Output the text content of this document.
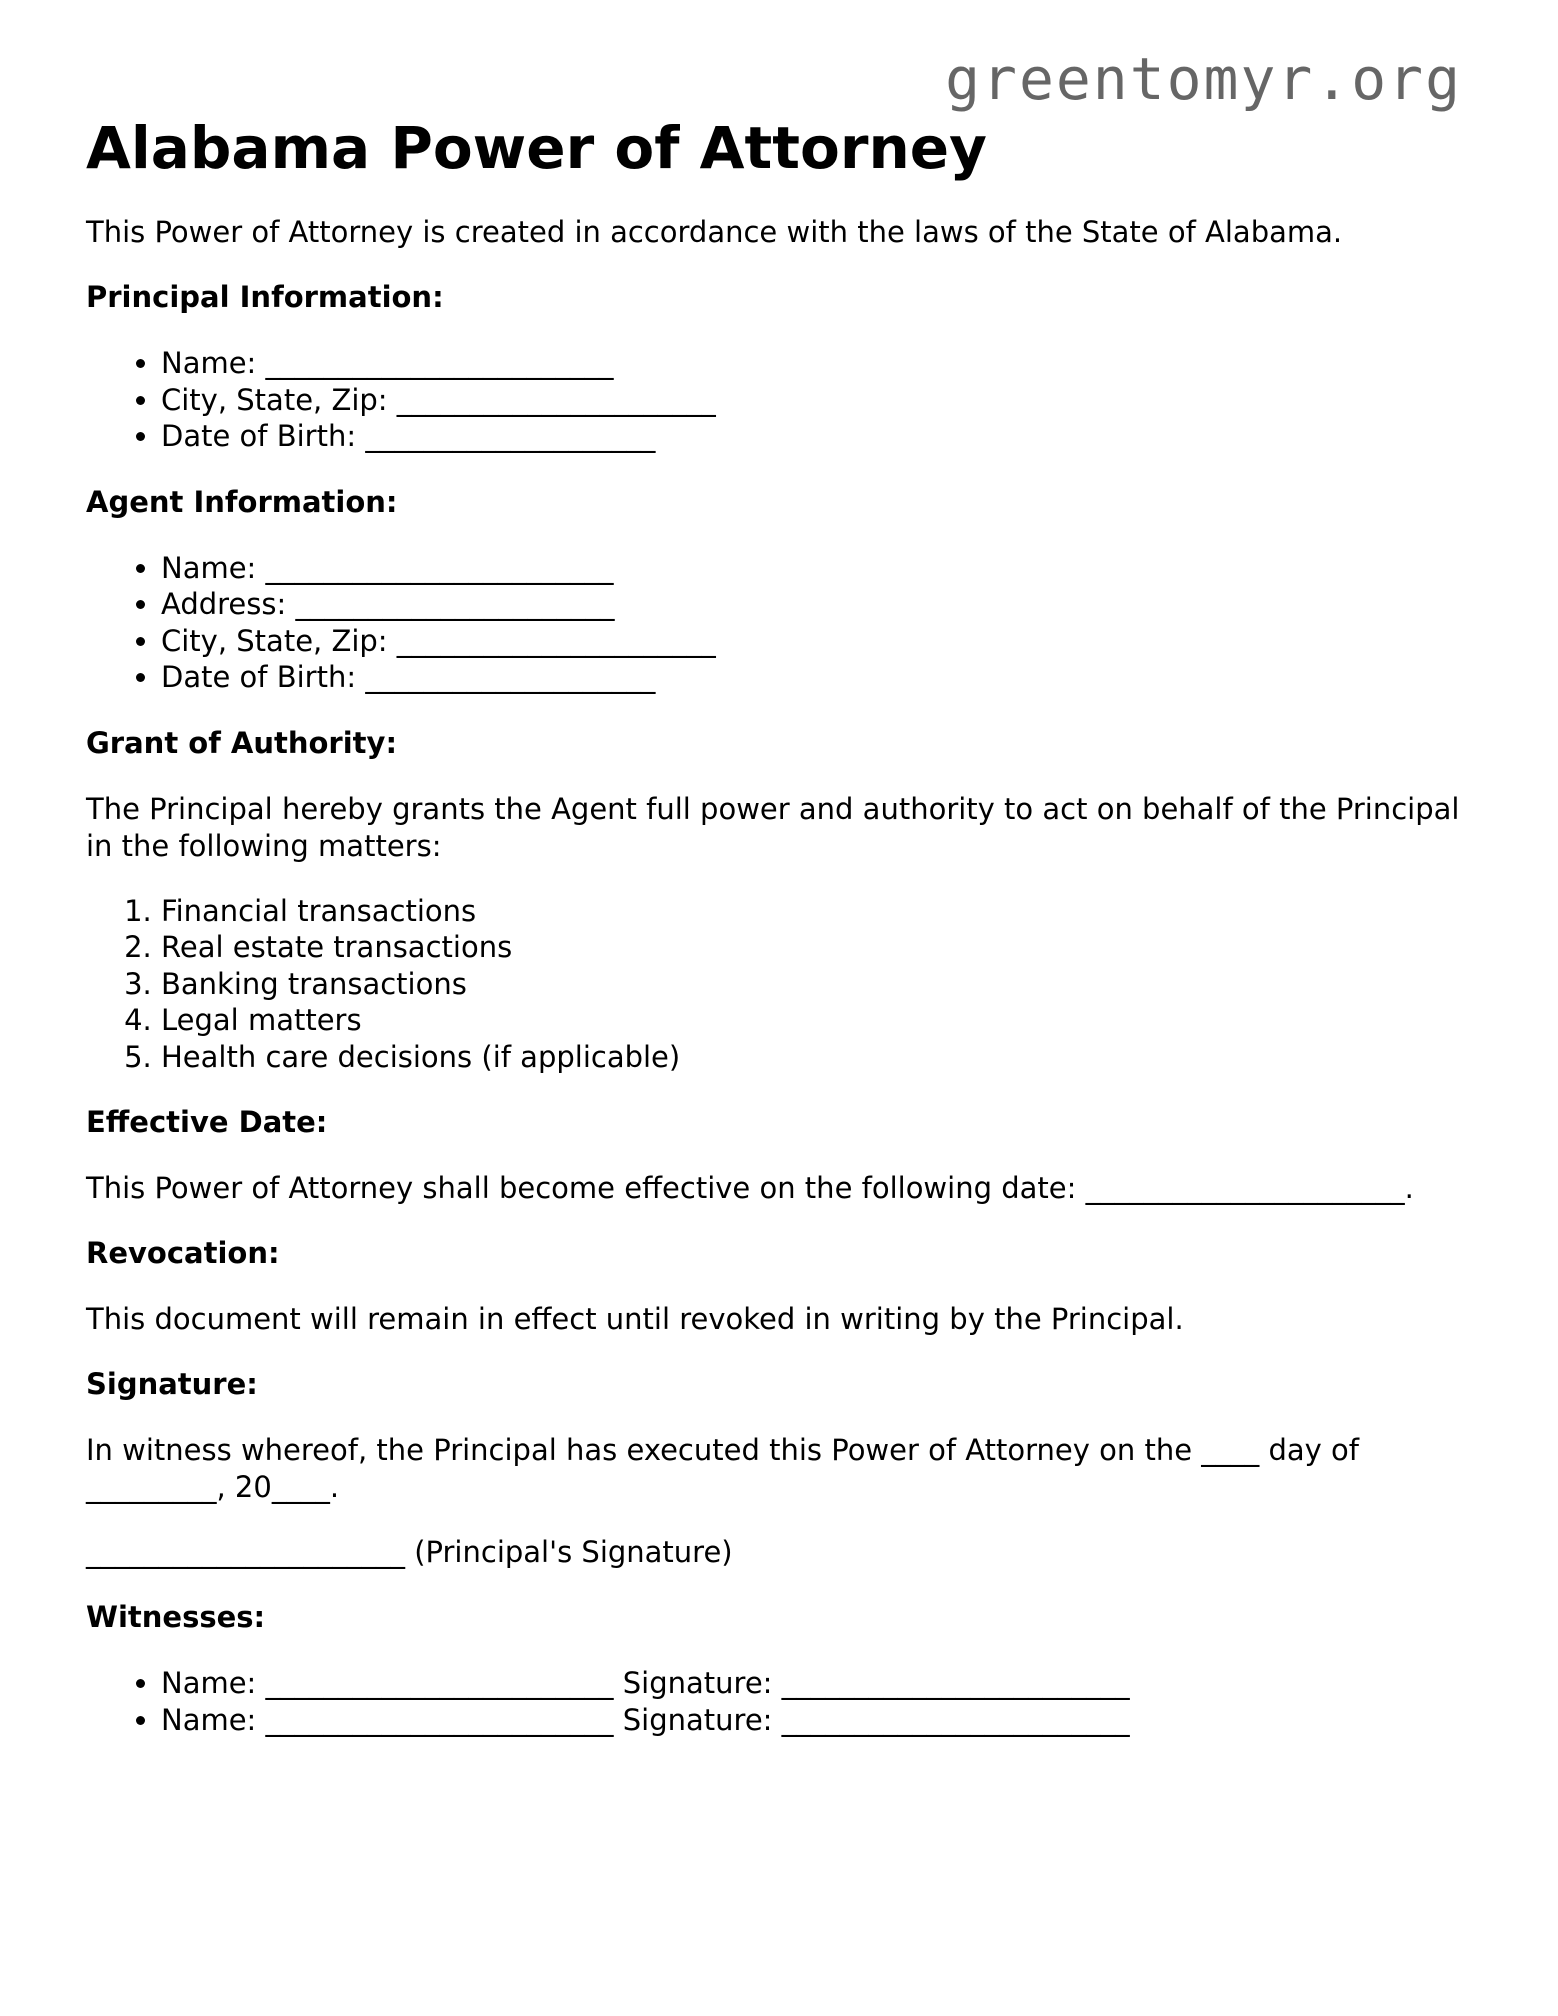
greentomyr.org
Alabama Power of Attorney

This Power of Attorney is created in accordance with the laws of the State of Alabama.

Principal Information:
• Name: ________________________
• City, State, Zip: ______________________
• Date of Birth: ____________________
Agent Information:
• Name: ________________________
• Address: ______________________
• City, State, Zip: ______________________
• Date of Birth: ____________________
Grant of Authority:

The Principal hereby grants the Agent full power and authority to act on behalf of the Principal in the following matters:

1. Financial transactions
2. Real estate transactions
3. Banking transactions
4. Legal matters
5. Health care decisions (if applicable)
Effective Date:

This Power of Attorney shall become effective on the following date: ______________________.

Revocation:

This document will remain in effect until revoked in writing by the Principal.

Signature:

In witness whereof, the Principal has executed this Power of Attorney on the ____ day of _________, 20____.

______________________ (Principal's Signature)

Witnesses:
• Name: ________________________ Signature: ________________________
• Name: ________________________ Signature: ________________________
